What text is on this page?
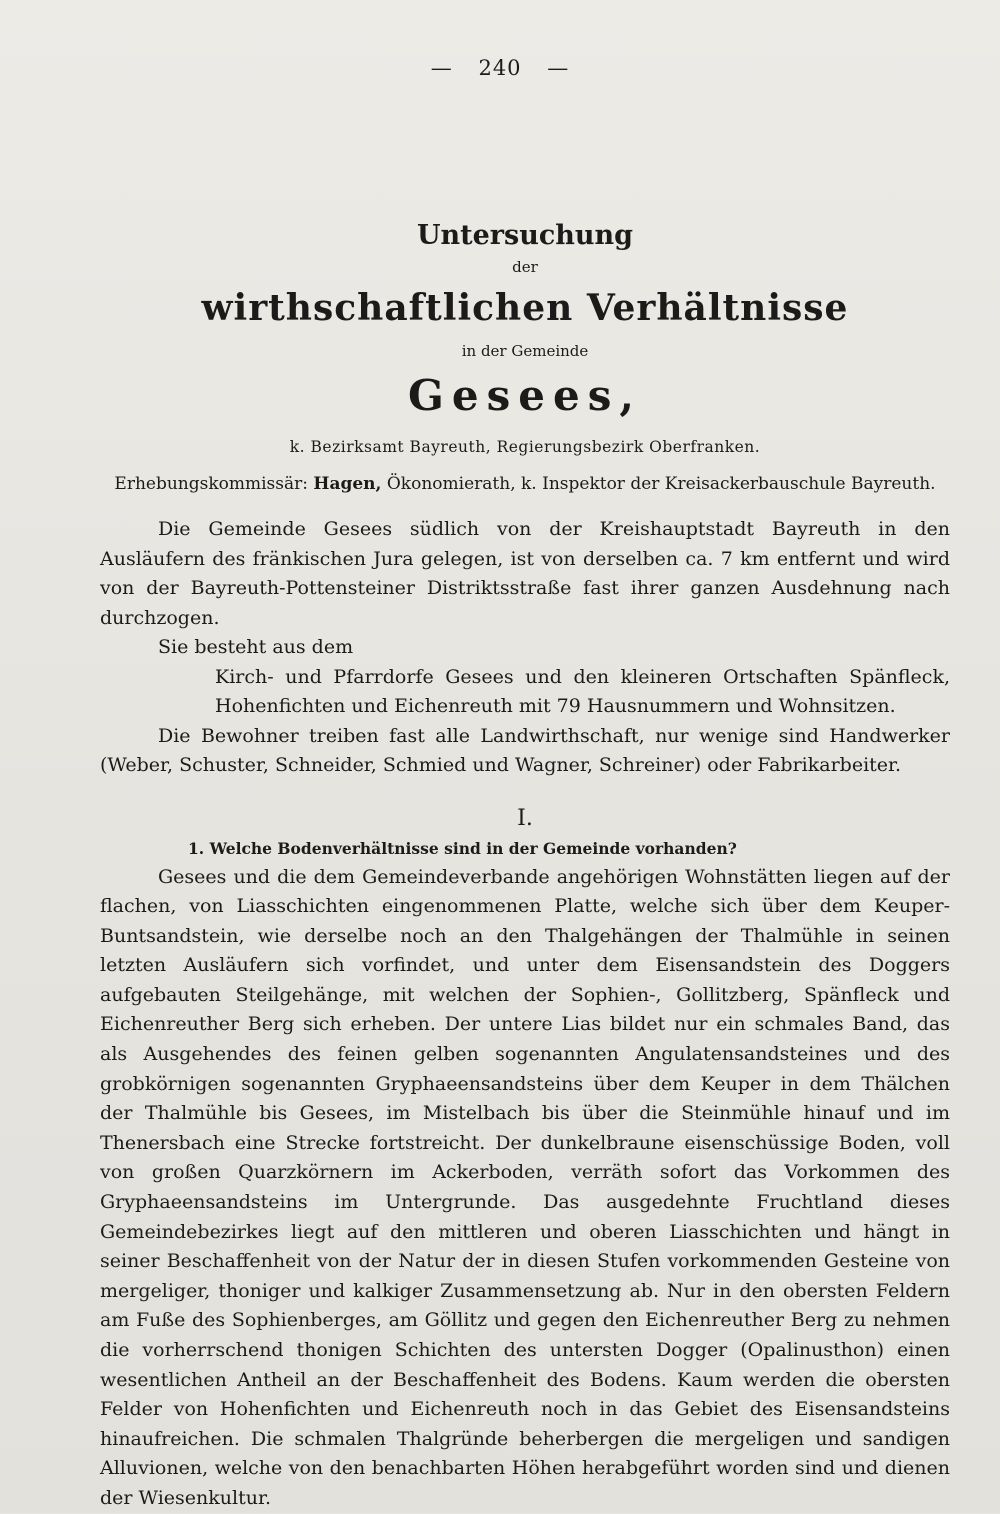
— 240 —

Untersuchung

der

wirthschaftlichen Verhältnisse

in der Gemeinde

Gesees,

k. Bezirksamt Bayreuth, Regierungsbezirk Oberfranken.

Erhebungskommissär: Hagen, Ökonomierath, k. Inspektor der Kreisackerbauschule Bayreuth.

Die Gemeinde Gesees südlich von der Kreishauptstadt Bayreuth in den Ausläufern des fränkischen Jura gelegen, ist von derselben ca. 7 km entfernt und wird von der Bayreuth-Pottensteiner Distriktsstraße fast ihrer ganzen Ausdehnung nach durchzogen.

Sie besteht aus dem

Kirch- und Pfarrdorfe Gesees und den kleineren Ortschaften Spänfleck, Hohenfichten und Eichenreuth mit 79 Hausnummern und Wohnsitzen.

Die Bewohner treiben fast alle Landwirthschaft, nur wenige sind Handwerker (Weber, Schuster, Schneider, Schmied und Wagner, Schreiner) oder Fabrikarbeiter.

I.

1. Welche Bodenverhältnisse sind in der Gemeinde vorhanden?

Gesees und die dem Gemeindeverbande angehörigen Wohnstätten liegen auf der flachen, von Liasschichten eingenommenen Platte, welche sich über dem Keuper-Buntsandstein, wie derselbe noch an den Thalgehängen der Thalmühle in seinen letzten Ausläufern sich vorfindet, und unter dem Eisensandstein des Doggers aufgebauten Steilgehänge, mit welchen der Sophien-, Gollitzberg, Spänfleck und Eichenreuther Berg sich erheben. Der untere Lias bildet nur ein schmales Band, das als Ausgehendes des feinen gelben sogenannten Angulatensandsteines und des grobkörnigen sogenannten Gryphaeensandsteins über dem Keuper in dem Thälchen der Thalmühle bis Gesees, im Mistelbach bis über die Steinmühle hinauf und im Thenersbach eine Strecke fortstreicht. Der dunkelbraune eisenschüssige Boden, voll von großen Quarzkörnern im Ackerboden, verräth sofort das Vorkommen des Gryphaeensandsteins im Untergrunde. Das ausgedehnte Fruchtland dieses Gemeindebezirkes liegt auf den mittleren und oberen Liasschichten und hängt in seiner Beschaffenheit von der Natur der in diesen Stufen vorkommenden Gesteine von mergeliger, thoniger und kalkiger Zusammensetzung ab. Nur in den obersten Feldern am Fuße des Sophienberges, am Göllitz und gegen den Eichenreuther Berg zu nehmen die vorherrschend thonigen Schichten des untersten Dogger (Opalinusthon) einen wesentlichen Antheil an der Beschaffenheit des Bodens. Kaum werden die obersten Felder von Hohenfichten und Eichenreuth noch in das Gebiet des Eisensandsteins hinaufreichen. Die schmalen Thalgründe beherbergen die mergeligen und sandigen Alluvionen, welche von den benachbarten Höhen herabgeführt worden sind und dienen der Wiesenkultur.
